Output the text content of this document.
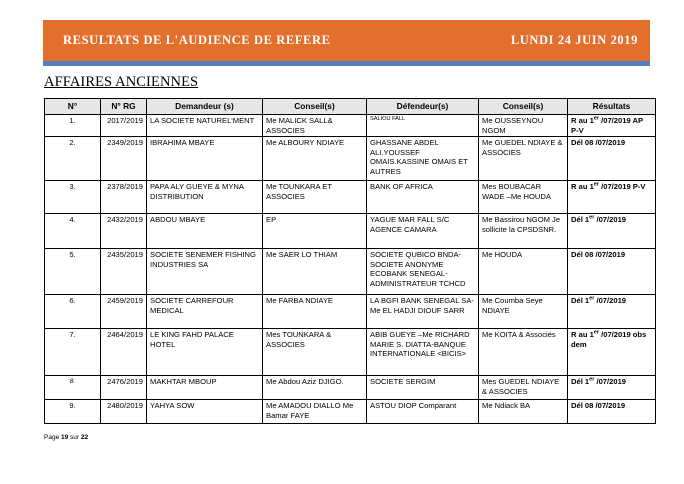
RESULTATS DE L'AUDIENCE DE REFERE	LUNDI 24 JUIN 2019
AFFAIRES ANCIENNES
N°	N° RG	Demandeur (s)	Conseil(s)	Défendeur(s)	Conseil(s)	Résultats
1.	2017/2019	LA SOCIETE NATUREL'MENT	Me MALICK SALL& ASSOCIES	SALIOU FALL	Me OUSSEYNOU NGOM	R au 1er /07/2019 AP P-V
2.	2349/2019	IBRAHIMA MBAYE	Me ALBOURY NDIAYE	GHASSANE ABDEL ALI.YOUSSEF OMAIS.KASSINE OMAIS ET AUTRES	Me GUEDEL NDIAYE & ASSOCIES	Dél 08 /07/2019
3.	2378/2019	PAPA ALY GUEYE & MYNA DISTRIBUTION	Me TOUNKARA ET ASSOCIES	BANK OF AFRICA	Mes BOUBACAR WADE –Me HOUDA	R au 1er /07/2019 P-V
4.	2432/2019	ABDOU MBAYE	EP	YAGUE MAR FALL S/C AGENCE CAMARA	Me Bassirou NGOM Je sollicite la CPSDSNR.	Dél 1er /07/2019
5.	2435/2019	SOCIETE SENEMER FISHING INDUSTRIES SA	Me SAER LO THIAM	SOCIETE QUBICO BNDA-SOCIETE ANONYME ECOBANK SENEGAL-ADMINISTRATEUR TCHCD	Me HOUDA	Dél 08 /07/2019
6.	2459/2019	SOCIETE CARREFOUR MEDICAL	Me FARBA NDIAYE	LA BGFI BANK SENEGAL SA-Me EL HADJI DIOUF SARR	Me Coumba Seye NDIAYE	Dél 1er /07/2019
7.	2464/2019	LE KING FAHD PALACE HOTEL	Mes TOUNKARA & ASSOCIES	ABIB GUEYE –Me RICHARD MARIE S. DIATTA-BANQUE INTERNATIONALE <BICIS>	Me KOITA & Associés	R au 1er /07/2019 obs dem
8.	2476/2019	MAKHTAR MBOUP	Me Abdou Aziz DJIGO.	SOCIETE SERGIM	Mes GUEDEL NDIAYE & ASSOCIES	Dél 1er /07/2019
9.	2480/2019	YAHYA SOW	Me AMADOU DIALLO Me Bamar FAYE	ASTOU DIOP Comparant	Me Ndiack BA	Dél 08 /07/2019
Page 19 sur 22
